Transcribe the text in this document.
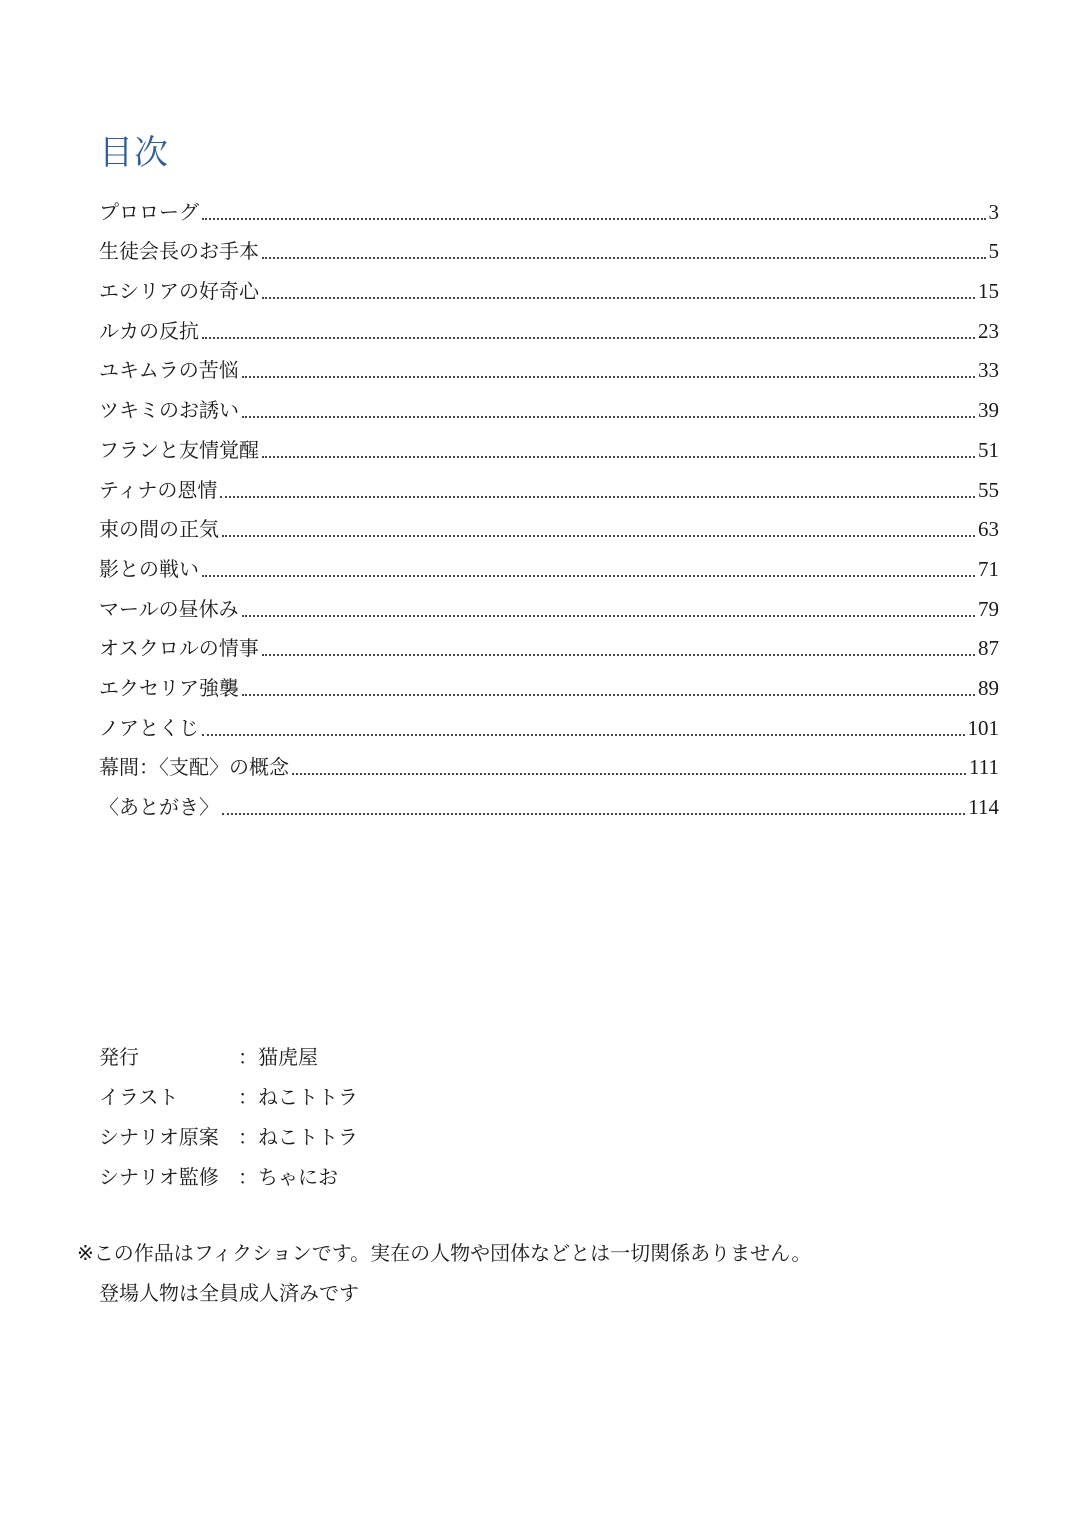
目次
プロローグ	3
生徒会長のお手本	5
エシリアの好奇心	15
ルカの反抗	23
ユキムラの苦悩	33
ツキミのお誘い	39
フランと友情覚醒	51
ティナの恩情	55
束の間の正気	63
影との戦い	71
マールの昼休み	79
オスクロルの情事	87
エクセリア強襲	89
ノアとくじ	101
幕間：〈支配〉の概念	111
〈あとがき〉	114
発行	： 猫虎屋
イラスト	： ねこトトラ
シナリオ原案 ： ねこトトラ
シナリオ監修 ： ちゃにお
※この作品はフィクションです。実在の人物や団体などとは一切関係ありません。
登場人物は全員成人済みです
